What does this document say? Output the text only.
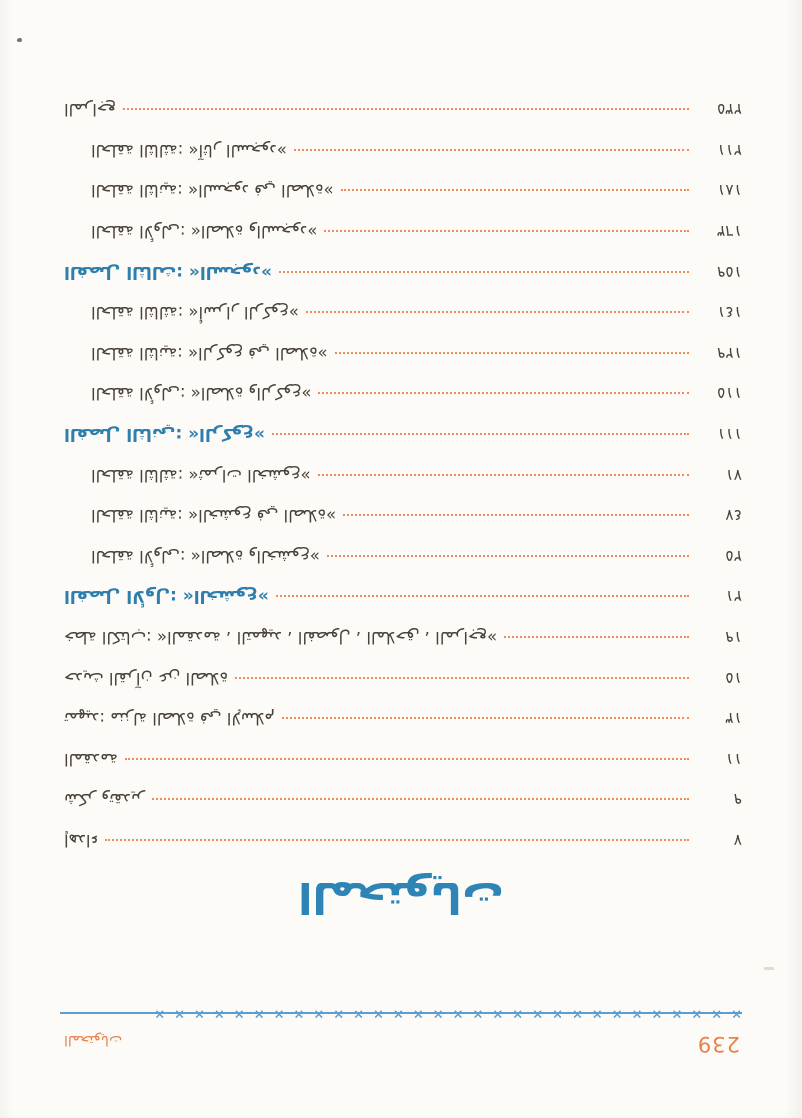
239
المحتويات
××××××××××××××××××××××××××××××
المحتويات
إهداء	٧
شكر وتقدير	٩
المقدمة	١١
تمهيد: منزلة الصلاة في الإسلام	١٣
حديث القرآن عن الصلاة	١٥
خطة الكتاب: »المقدمة ، التمهيد ، الفصول ، الملاحق ، المراجع«	١٩
الفصل الأول: »الخشوع«	٢١
الحلقة الأولى: »الصلاة والخشوع«	٢٥
الحلقة الثانية: »الخشوع في الصلاة«	٤٧
الحلقة الثالثة: »ثمرات الخشوع«	٧١
الفصل الثاني: »الركوع«	١١١
الحلقة الأولى: »الصلاة والركوع«	١١٥
الحلقة الثانية: »الركوع في الصلاة«	١٢٩
الحلقة الثالثة: »أسرار الركوع«	١٤١
الفصل الثالث: »السجود«	١٥٩
الحلقة الأولى: »الصلاة والسجود«	١٦٣
الحلقة الثانية: »السجود في الصلاة«	١٨١
الحلقة الثالثة: »آثار السجود«	٢١١
المراجع	٢٣٥
